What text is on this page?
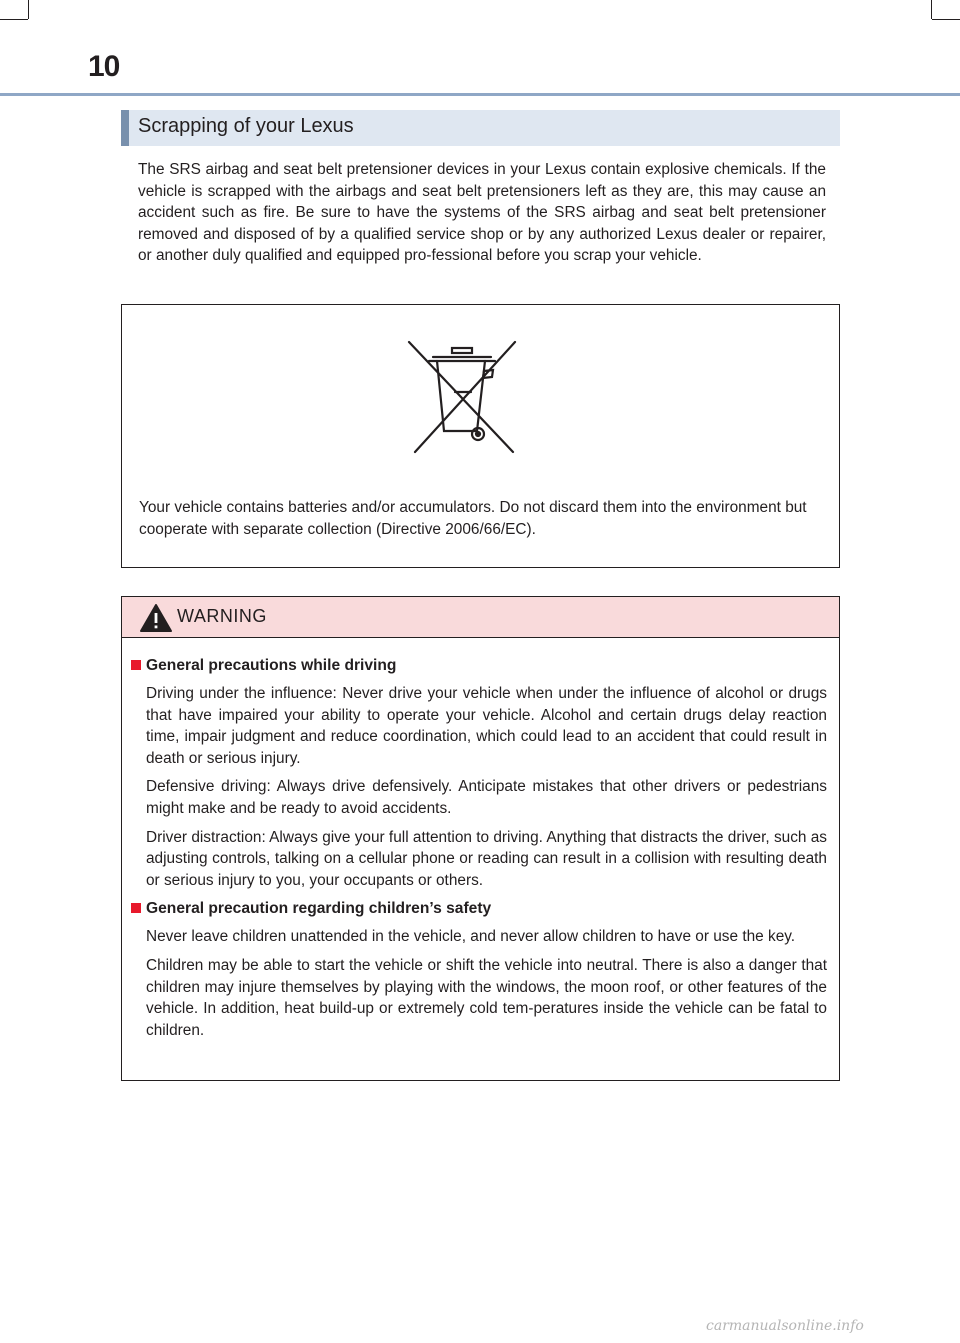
10
Scrapping of your Lexus

The SRS airbag and seat belt pretensioner devices in your Lexus contain explosive chemicals. If the vehicle is scrapped with the airbags and seat belt pretensioners left as they are, this may cause an accident such as fire. Be sure to have the systems of the SRS airbag and seat belt pretensioner removed and disposed of by a qualified service shop or by any authorized Lexus dealer or repairer, or another duly qualified and equipped pro-fessional before you scrap your vehicle.

Your vehicle contains batteries and/or accumulators. Do not discard them into the environment but cooperate with separate collection (Directive 2006/66/EC).

WARNING
General precautions while driving

Driving under the influence: Never drive your vehicle when under the influence of alcohol or drugs that have impaired your ability to operate your vehicle. Alcohol and certain drugs delay reaction time, impair judgment and reduce coordination, which could lead to an accident that could result in death or serious injury.

Defensive driving: Always drive defensively. Anticipate mistakes that other drivers or pedestrians might make and be ready to avoid accidents.

Driver distraction: Always give your full attention to driving. Anything that distracts the driver, such as adjusting controls, talking on a cellular phone or reading can result in a collision with resulting death or serious injury to you, your occupants or others.

General precaution regarding children’s safety

Never leave children unattended in the vehicle, and never allow children to have or use the key.

Children may be able to start the vehicle or shift the vehicle into neutral. There is also a danger that children may injure themselves by playing with the windows, the moon roof, or other features of the vehicle. In addition, heat build-up or extremely cold tem-peratures inside the vehicle can be fatal to children.

carmanualsonline.info
